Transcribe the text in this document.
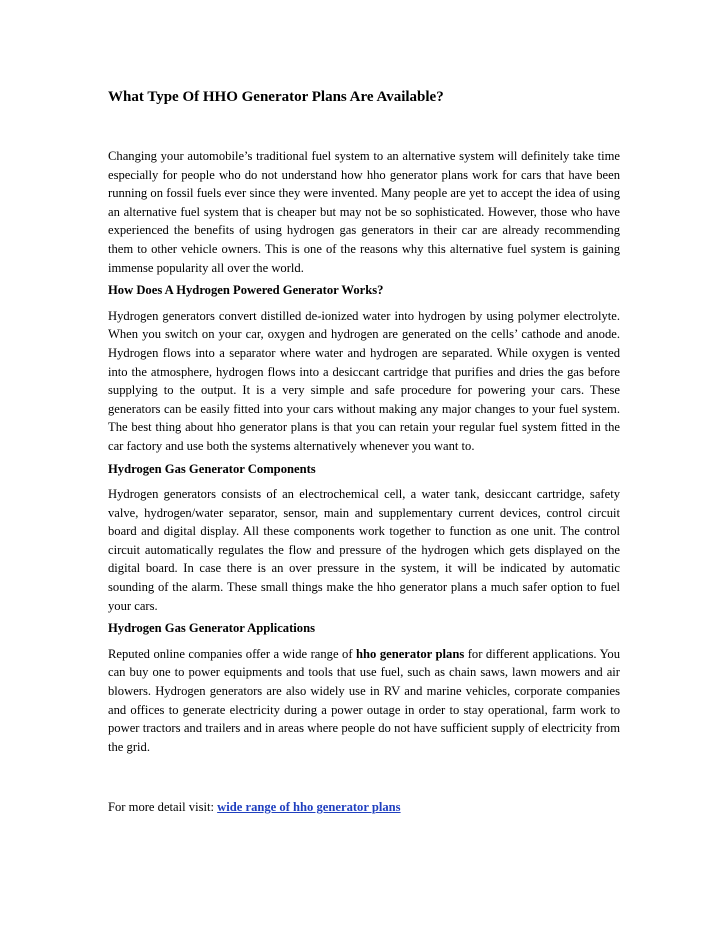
What Type Of HHO Generator Plans Are Available?

Changing your automobile’s traditional fuel system to an alternative system will definitely take time especially for people who do not understand how hho generator plans work for cars that have been running on fossil fuels ever since they were invented. Many people are yet to accept the idea of using an alternative fuel system that is cheaper but may not be so sophisticated. However, those who have experienced the benefits of using hydrogen gas generators in their car are already recommending them to other vehicle owners. This is one of the reasons why this alternative fuel system is gaining immense popularity all over the world.

How Does A Hydrogen Powered Generator Works?

Hydrogen generators convert distilled de-ionized water into hydrogen by using polymer electrolyte. When you switch on your car, oxygen and hydrogen are generated on the cells’ cathode and anode. Hydrogen flows into a separator where water and hydrogen are separated. While oxygen is vented into the atmosphere, hydrogen flows into a desiccant cartridge that purifies and dries the gas before supplying to the output. It is a very simple and safe procedure for powering your cars. These generators can be easily fitted into your cars without making any major changes to your fuel system. The best thing about hho generator plans is that you can retain your regular fuel system fitted in the car factory and use both the systems alternatively whenever you want to.

Hydrogen Gas Generator Components

Hydrogen generators consists of an electrochemical cell, a water tank, desiccant cartridge, safety valve, hydrogen/water separator, sensor, main and supplementary current devices, control circuit board and digital display. All these components work together to function as one unit. The control circuit automatically regulates the flow and pressure of the hydrogen which gets displayed on the digital board. In case there is an over pressure in the system, it will be indicated by automatic sounding of the alarm. These small things make the hho generator plans a much safer option to fuel your cars.

Hydrogen Gas Generator Applications

Reputed online companies offer a wide range of hho generator plans for different applications. You can buy one to power equipments and tools that use fuel, such as chain saws, lawn mowers and air blowers. Hydrogen generators are also widely use in RV and marine vehicles, corporate companies and offices to generate electricity during a power outage in order to stay operational, farm work to power tractors and trailers and in areas where people do not have sufficient supply of electricity from the grid.

For more detail visit: wide range of hho generator plans
